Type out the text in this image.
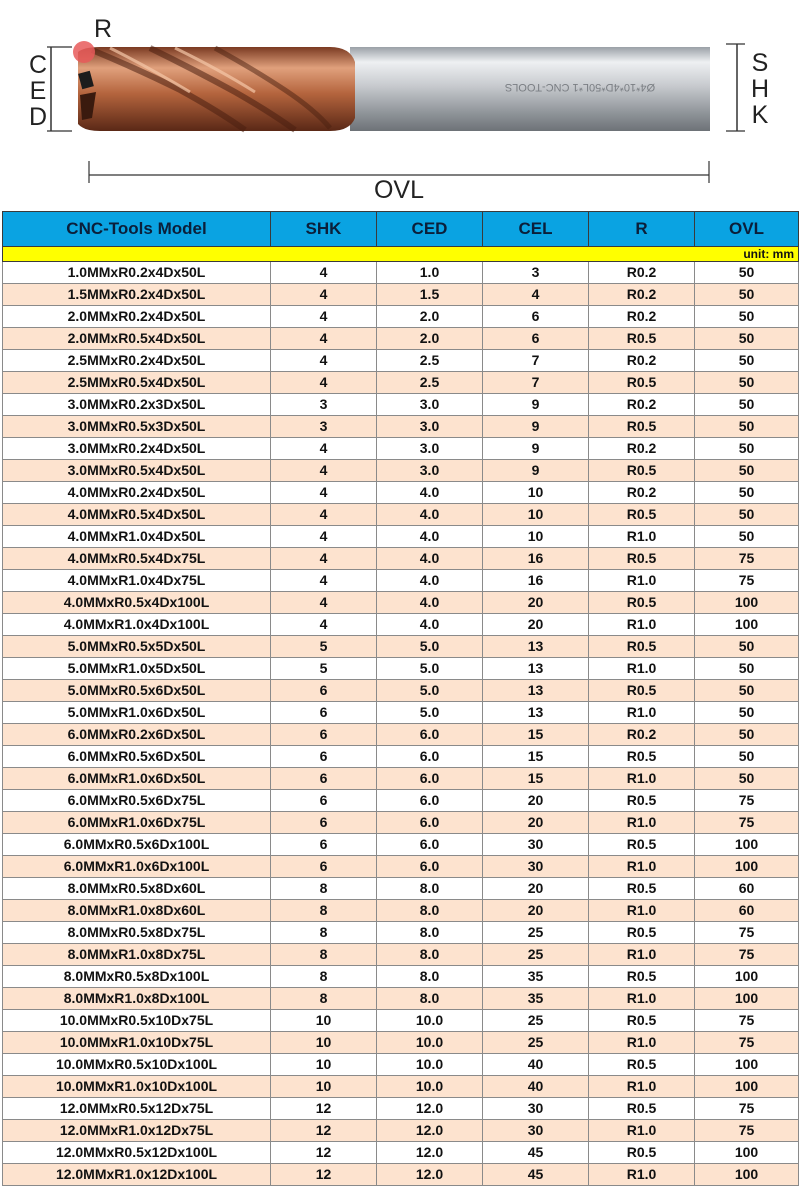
Ø4*10*4D*50L*1 CNC-TOOLS
R
C
E
D
S
H
K
OVL
CNC-Tools Model	SHK	CED	CEL	R	OVL
unit: mm					
1.0MMxR0.2x4Dx50L	4	1.0	3	R0.2	50
1.5MMxR0.2x4Dx50L	4	1.5	4	R0.2	50
2.0MMxR0.2x4Dx50L	4	2.0	6	R0.2	50
2.0MMxR0.5x4Dx50L	4	2.0	6	R0.5	50
2.5MMxR0.2x4Dx50L	4	2.5	7	R0.2	50
2.5MMxR0.5x4Dx50L	4	2.5	7	R0.5	50
3.0MMxR0.2x3Dx50L	3	3.0	9	R0.2	50
3.0MMxR0.5x3Dx50L	3	3.0	9	R0.5	50
3.0MMxR0.2x4Dx50L	4	3.0	9	R0.2	50
3.0MMxR0.5x4Dx50L	4	3.0	9	R0.5	50
4.0MMxR0.2x4Dx50L	4	4.0	10	R0.2	50
4.0MMxR0.5x4Dx50L	4	4.0	10	R0.5	50
4.0MMxR1.0x4Dx50L	4	4.0	10	R1.0	50
4.0MMxR0.5x4Dx75L	4	4.0	16	R0.5	75
4.0MMxR1.0x4Dx75L	4	4.0	16	R1.0	75
4.0MMxR0.5x4Dx100L	4	4.0	20	R0.5	100
4.0MMxR1.0x4Dx100L	4	4.0	20	R1.0	100
5.0MMxR0.5x5Dx50L	5	5.0	13	R0.5	50
5.0MMxR1.0x5Dx50L	5	5.0	13	R1.0	50
5.0MMxR0.5x6Dx50L	6	5.0	13	R0.5	50
5.0MMxR1.0x6Dx50L	6	5.0	13	R1.0	50
6.0MMxR0.2x6Dx50L	6	6.0	15	R0.2	50
6.0MMxR0.5x6Dx50L	6	6.0	15	R0.5	50
6.0MMxR1.0x6Dx50L	6	6.0	15	R1.0	50
6.0MMxR0.5x6Dx75L	6	6.0	20	R0.5	75
6.0MMxR1.0x6Dx75L	6	6.0	20	R1.0	75
6.0MMxR0.5x6Dx100L	6	6.0	30	R0.5	100
6.0MMxR1.0x6Dx100L	6	6.0	30	R1.0	100
8.0MMxR0.5x8Dx60L	8	8.0	20	R0.5	60
8.0MMxR1.0x8Dx60L	8	8.0	20	R1.0	60
8.0MMxR0.5x8Dx75L	8	8.0	25	R0.5	75
8.0MMxR1.0x8Dx75L	8	8.0	25	R1.0	75
8.0MMxR0.5x8Dx100L	8	8.0	35	R0.5	100
8.0MMxR1.0x8Dx100L	8	8.0	35	R1.0	100
10.0MMxR0.5x10Dx75L	10	10.0	25	R0.5	75
10.0MMxR1.0x10Dx75L	10	10.0	25	R1.0	75
10.0MMxR0.5x10Dx100L	10	10.0	40	R0.5	100
10.0MMxR1.0x10Dx100L	10	10.0	40	R1.0	100
12.0MMxR0.5x12Dx75L	12	12.0	30	R0.5	75
12.0MMxR1.0x12Dx75L	12	12.0	30	R1.0	75
12.0MMxR0.5x12Dx100L	12	12.0	45	R0.5	100
12.0MMxR1.0x12Dx100L	12	12.0	45	R1.0	100
